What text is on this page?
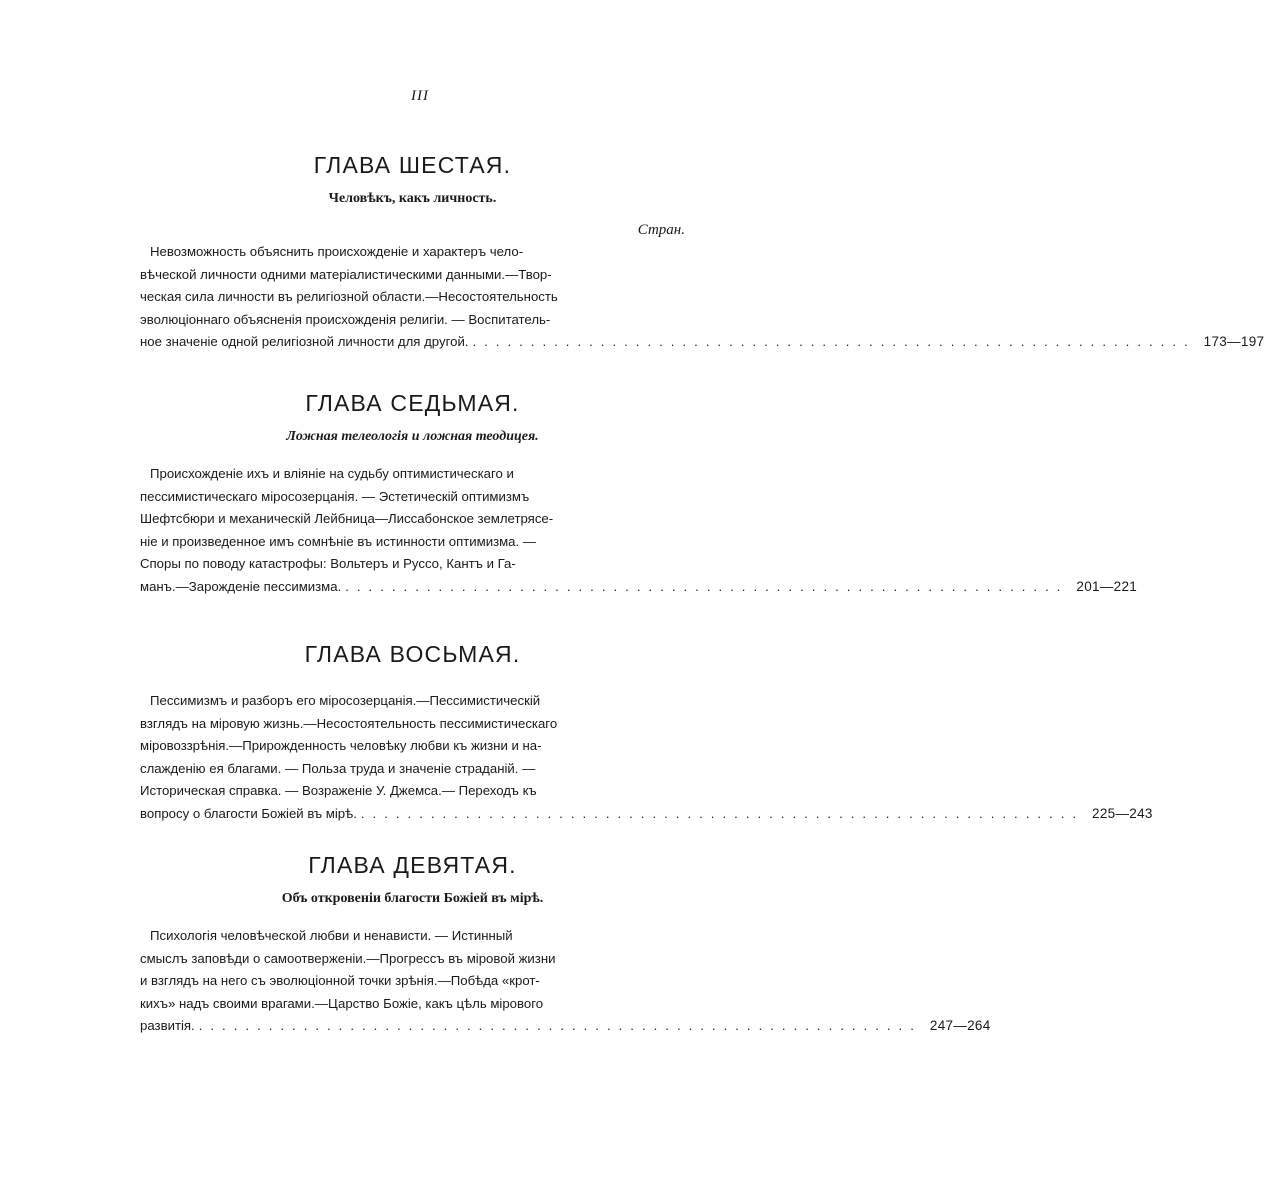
III
ГЛАВА ШЕСТАЯ.
Человѣкъ, какъ личность.
Стран.
Невозможность объяснить происхожденіе и характеръ чело-
вѣческой личности одними матеріалистическими данными.—Твор-
ческая сила личности въ религіозной области.—Несостоятельность
эволюціоннаго объясненія происхожденія религіи. — Воспитатель-
ное значеніе одной религіозной личности для другой. .............................................................. 173—197
ГЛАВА СЕДЬМАЯ.
Ложная телеологія и ложная теодицея.
Происхожденіе ихъ и вліяніе на судьбу оптимистическаго и
пессимистическаго міросозерцанія. — Эстетическій оптимизмъ
Шефтсбюри и механическій Лейбница—Лиссабонское землетрясе-
ніе и произведенное имъ сомнѣніе въ истинности оптимизма. —
Споры по поводу катастрофы: Вольтеръ и Руссо, Кантъ и Га-
манъ.—Зарожденіе пессимизма. .............................................................. 201—221
ГЛАВА ВОСЬМАЯ.
Пессимизмъ и разборъ его міросозерцанія.—Пессимистическій
взглядъ на міровую жизнь.—Несостоятельность пессимистическаго
міровоззрѣнія.—Прирожденность человѣку любви къ жизни и на-
слажденію ея благами. — Польза труда и значеніе страданій. —
Историческая справка. — Возраженіе У. Джемса.— Переходъ къ
вопросу о благости Божіей въ мірѣ. .............................................................. 225—243
ГЛАВА ДЕВЯТАЯ.
Объ откровеніи благости Божіей въ мірѣ.
Психологія человѣческой любви и ненависти. — Истинный
смыслъ заповѣди о самоотверженіи.—Прогрессъ въ міровой жизни
и взглядъ на него съ эволюціонной точки зрѣнія.—Побѣда «крот-
кихъ» надъ своими врагами.—Царство Божіе, какъ цѣль мірового
развитія. .............................................................. 247—264
